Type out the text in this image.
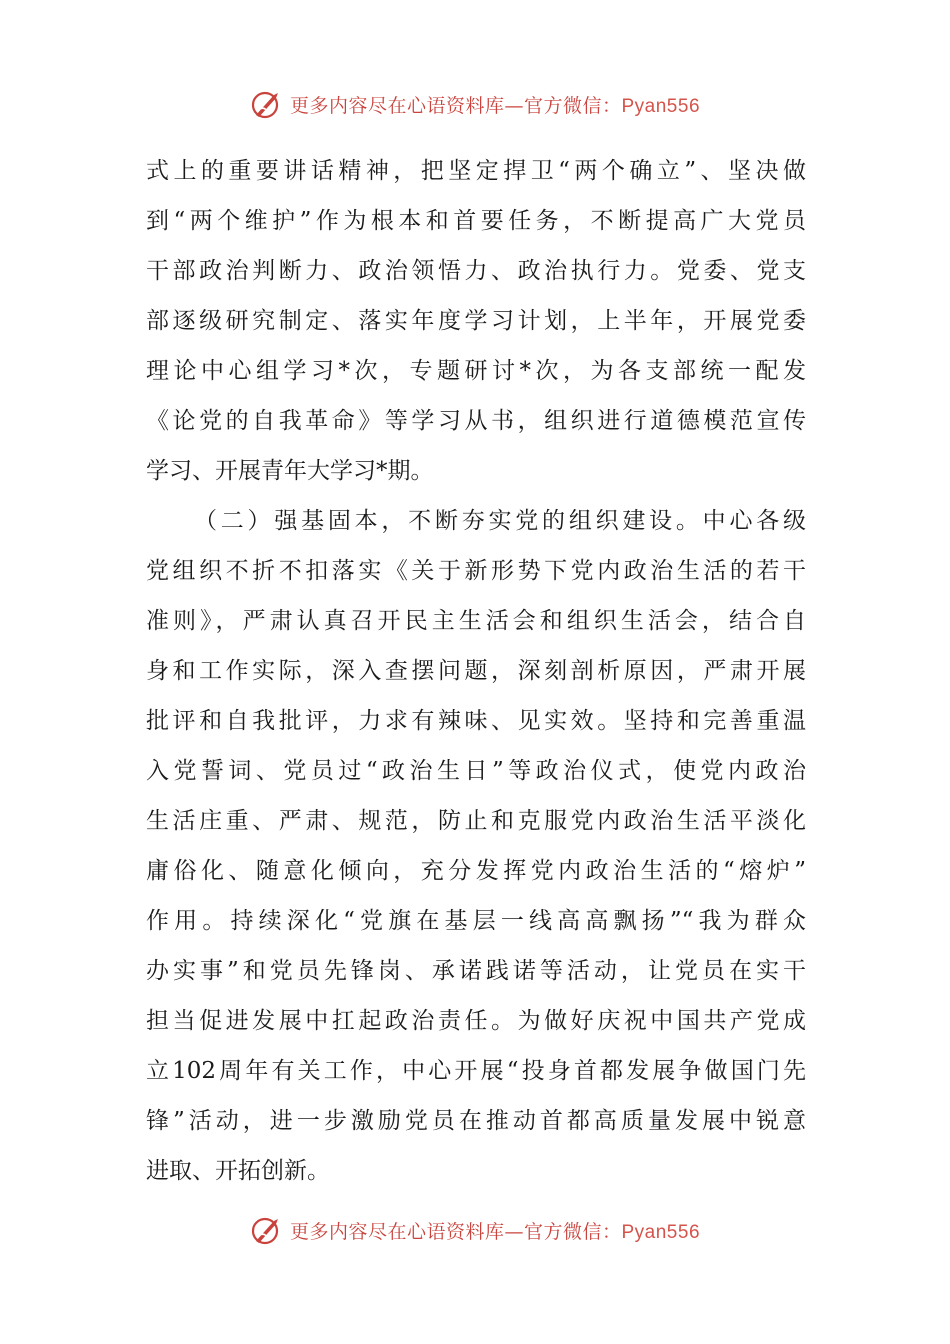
更多内容尽在心语资料库—官方微信：Pyan556
式上的重要讲话精神，把坚定捍卫“两个确立”、坚决做
到“两个维护”作为根本和首要任务，不断提高广大党员
干部政治判断力、政治领悟力、政治执行力。党委、党支
部逐级研究制定、落实年度学习计划，上半年，开展党委
理论中心组学习*次，专题研讨*次，为各支部统一配发
《论党的自我革命》等学习从书，组织进行道德模范宣传
学习、开展青年大学习*期。
（二）强基固本，不断夯实党的组织建设。中心各级
党组织不折不扣落实《关于新形势下党内政治生活的若干
准则》，严肃认真召开民主生活会和组织生活会，结合自
身和工作实际，深入查摆问题，深刻剖析原因，严肃开展
批评和自我批评，力求有辣味、见实效。坚持和完善重温
入党誓词、党员过“政治生日”等政治仪式，使党内政治
生活庄重、严肃、规范，防止和克服党内政治生活平淡化
庸俗化、随意化倾向，充分发挥党内政治生活的“熔炉”
作用。持续深化“党旗在基层一线高高飘扬”“我为群众
办实事”和党员先锋岗、承诺践诺等活动，让党员在实干
担当促进发展中扛起政治责任。为做好庆祝中国共产党成
立102周年有关工作，中心开展“投身首都发展争做国门先
锋”活动，进一步激励党员在推动首都高质量发展中锐意
进取、开拓创新。
更多内容尽在心语资料库—官方微信：Pyan556
